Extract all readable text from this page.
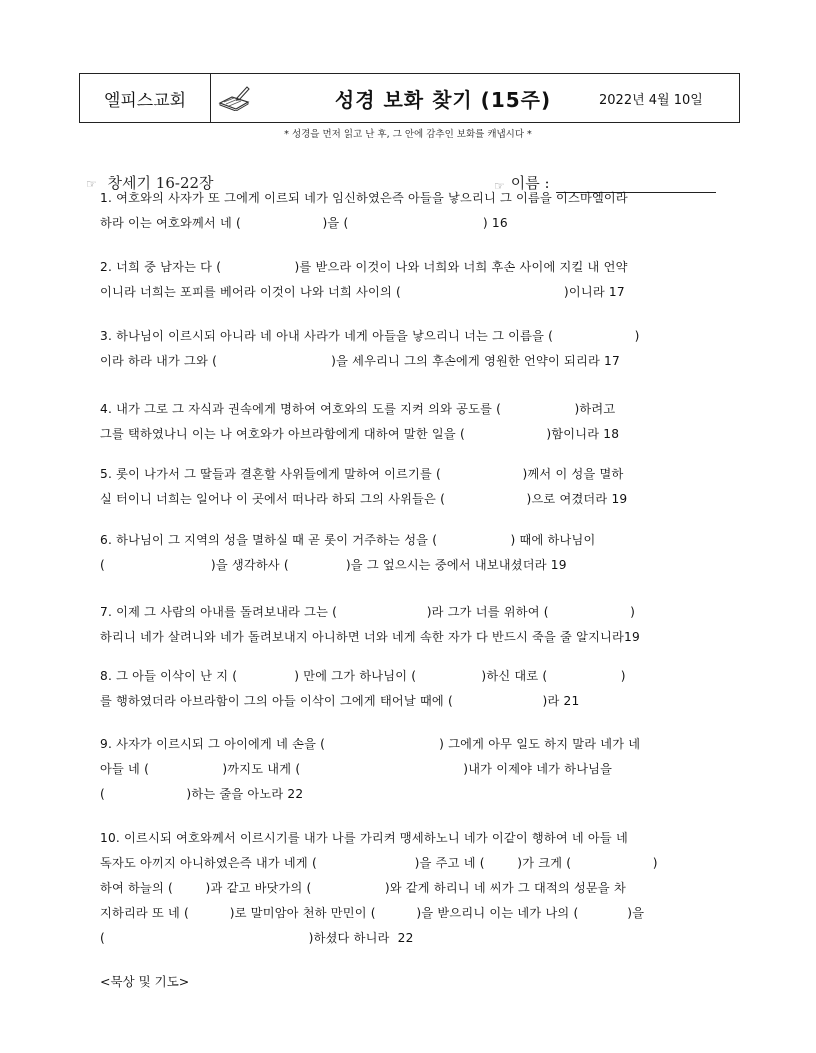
엘피스교회	성경 보화 찾기 (15주)	2022년 4월 10일
* 성경을 먼저 읽고 난 후, 그 안에 감추인 보화를 캐냅시다 *
☞ 창세기 16-22장	☞ 이름 :
1. 여호와의 사자가 또 그에게 이르되 네가 임신하였은즉 아들을 낳으리니 그 이름을 이스마엘이라
하라 이는 여호와께서 네 (                    )을 (                                 ) 16
2. 너희 중 남자는 다 (                  )를 받으라 이것이 나와 너희와 너희 후손 사이에 지킬 내 언약
이니라 너희는 포피를 베어라 이것이 나와 너희 사이의 (                                        )이니라 17
3. 하나님이 이르시되 아니라 네 아내 사라가 네게 아들을 낳으리니 너는 그 이름을 (                    )
이라 하라 내가 그와 (                            )을 세우리니 그의 후손에게 영원한 언약이 되리라 17
4. 내가 그로 그 자식과 권속에게 명하여 여호와의 도를 지켜 의와 공도를 (                  )하려고
그를 택하였나니 이는 나 여호와가 아브라함에게 대하여 말한 일을 (                    )함이니라 18
5. 롯이 나가서 그 딸들과 결혼할 사위들에게 말하여 이르기를 (                    )께서 이 성을 멸하
실 터이니 너희는 일어나 이 곳에서 떠나라 하되 그의 사위들은 (                    )으로 여겼더라 19
6. 하나님이 그 지역의 성을 멸하실 때 곧 롯이 거주하는 성을 (                  ) 때에 하나님이
(                          )을 생각하사 (              )을 그 엎으시는 중에서 내보내셨더라 19
7. 이제 그 사람의 아내를 돌려보내라 그는 (                      )라 그가 너를 위하여 (                    )
하리니 네가 살려니와 네가 돌려보내지 아니하면 너와 네게 속한 자가 다 반드시 죽을 줄 알지니라19
8. 그 아들 이삭이 난 지 (              ) 만에 그가 하나님이 (                )하신 대로 (                  )
를 행하였더라 아브라함이 그의 아들 이삭이 그에게 태어날 때에 (                      )라 21
9. 사자가 이르시되 그 아이에게 네 손을 (                            ) 그에게 아무 일도 하지 말라 네가 네
아들 네 (                  )까지도 내게 (                                        )내가 이제야 네가 하나님을
(                    )하는 줄을 아노라 22
10. 이르시되 여호와께서 이르시기를 내가 나를 가리켜 맹세하노니 네가 이같이 행하여 네 아들 네
독자도 아끼지 아니하였은즉 내가 네게 (                        )을 주고 네 (        )가 크게 (                    )
하여 하늘의 (        )과 같고 바닷가의 (                  )와 같게 하리니 네 씨가 그 대적의 성문을 차
지하리라 또 네 (          )로 말미암아 천하 만민이 (          )을 받으리니 이는 네가 나의 (            )을
(                                                  )하셨다 하니라  22
<묵상 및 기도>
